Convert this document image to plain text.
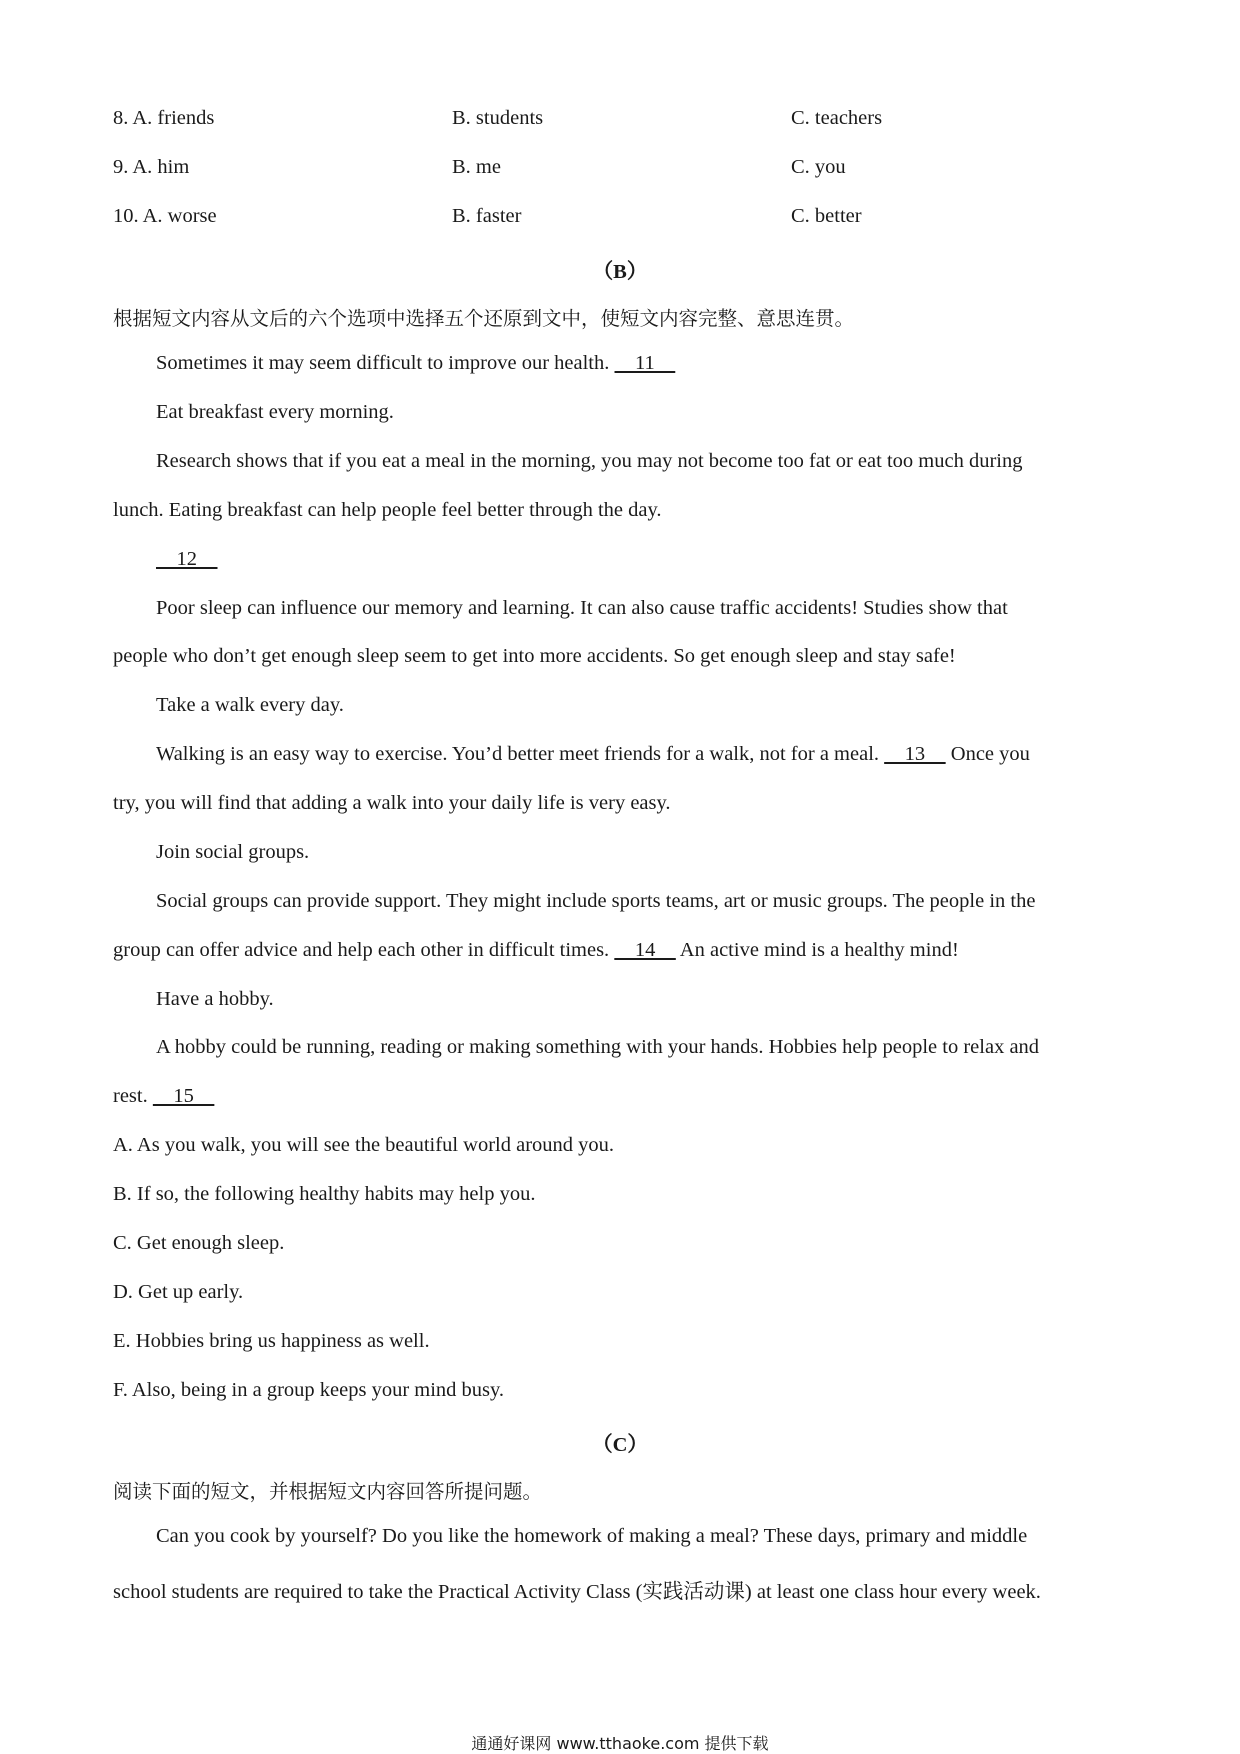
8. A. friends	B. students	C. teachers
9. A. him	B. me	C. you
10. A. worse	B. faster	C. better
（B）
根据短文内容从文后的六个选项中选择五个还原到文中，使短文内容完整、意思连贯。
Sometimes it may seem difficult to improve our health.     11
Eat breakfast every morning.
Research shows that if you eat a meal in the morning, you may not become too fat or eat too much during
lunch. Eating breakfast can help people feel better through the day.
12
Poor sleep can influence our memory and learning. It can also cause traffic accidents! Studies show that
people who don’t get enough sleep seem to get into more accidents. So get enough sleep and stay safe!
Take a walk every day.
Walking is an easy way to exercise. You’d better meet friends for a walk, not for a meal.     13     Once you
try, you will find that adding a walk into your daily life is very easy.
Join social groups.
Social groups can provide support. They might include sports teams, art or music groups. The people in the
group can offer advice and help each other in difficult times.     14     An active mind is a healthy mind!
Have a hobby.
A hobby could be running, reading or making something with your hands. Hobbies help people to relax and
rest.     15
A. As you walk, you will see the beautiful world around you.
B. If so, the following healthy habits may help you.
C. Get enough sleep.
D. Get up early.
E. Hobbies bring us happiness as well.
F. Also, being in a group keeps your mind busy.
（C）
阅读下面的短文，并根据短文内容回答所提问题。
Can you cook by yourself? Do you like the homework of making a meal? These days, primary and middle
school students are required to take the Practical Activity Class (实践活动课) at least one class hour every week.
通通好课网 www.tthaoke.com 提供下载
